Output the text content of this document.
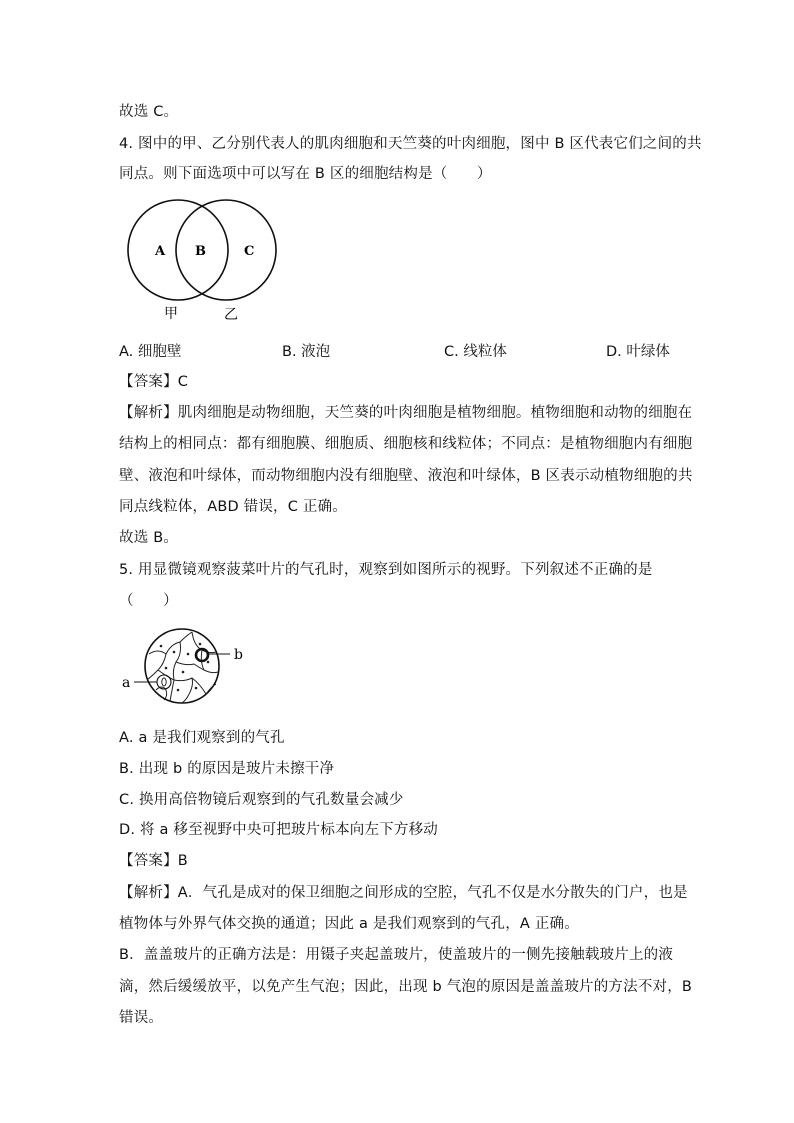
故选 C。
4. 图中的甲、乙分别代表人的肌肉细胞和天竺葵的叶肉细胞，图中 B 区代表它们之间的共
同点。则下面选项中可以写在 B 区的细胞结构是（　　）
A B	C
甲	乙
A. 细胞壁	B. 液泡	C. 线粒体	D. 叶绿体
【答案】C
【解析】肌肉细胞是动物细胞，天竺葵的叶肉细胞是植物细胞。植物细胞和动物的细胞在
结构上的相同点：都有细胞膜、细胞质、细胞核和线粒体；不同点：是植物细胞内有细胞
壁、液泡和叶绿体，而动物细胞内没有细胞壁、液泡和叶绿体，B 区表示动植物细胞的共
同点线粒体，ABD 错误，C 正确。
故选 B。
5. 用显微镜观察菠菜叶片的气孔时，观察到如图所示的视野。下列叙述不正确的是
（　　）
a
b
A. a 是我们观察到的气孔
B. 出现 b 的原因是玻片未擦干净
C. 换用高倍物镜后观察到的气孔数量会减少
D. 将 a 移至视野中央可把玻片标本向左下方移动
【答案】B
【解析】A．气孔是成对的保卫细胞之间形成的空腔，气孔不仅是水分散失的门户，也是
植物体与外界气体交换的通道；因此 a 是我们观察到的气孔，A 正确。
B．盖盖玻片的正确方法是：用镊子夹起盖玻片，使盖玻片的一侧先接触载玻片上的液
滴，然后缓缓放平，以免产生气泡；因此，出现 b 气泡的原因是盖盖玻片的方法不对，B
错误。
